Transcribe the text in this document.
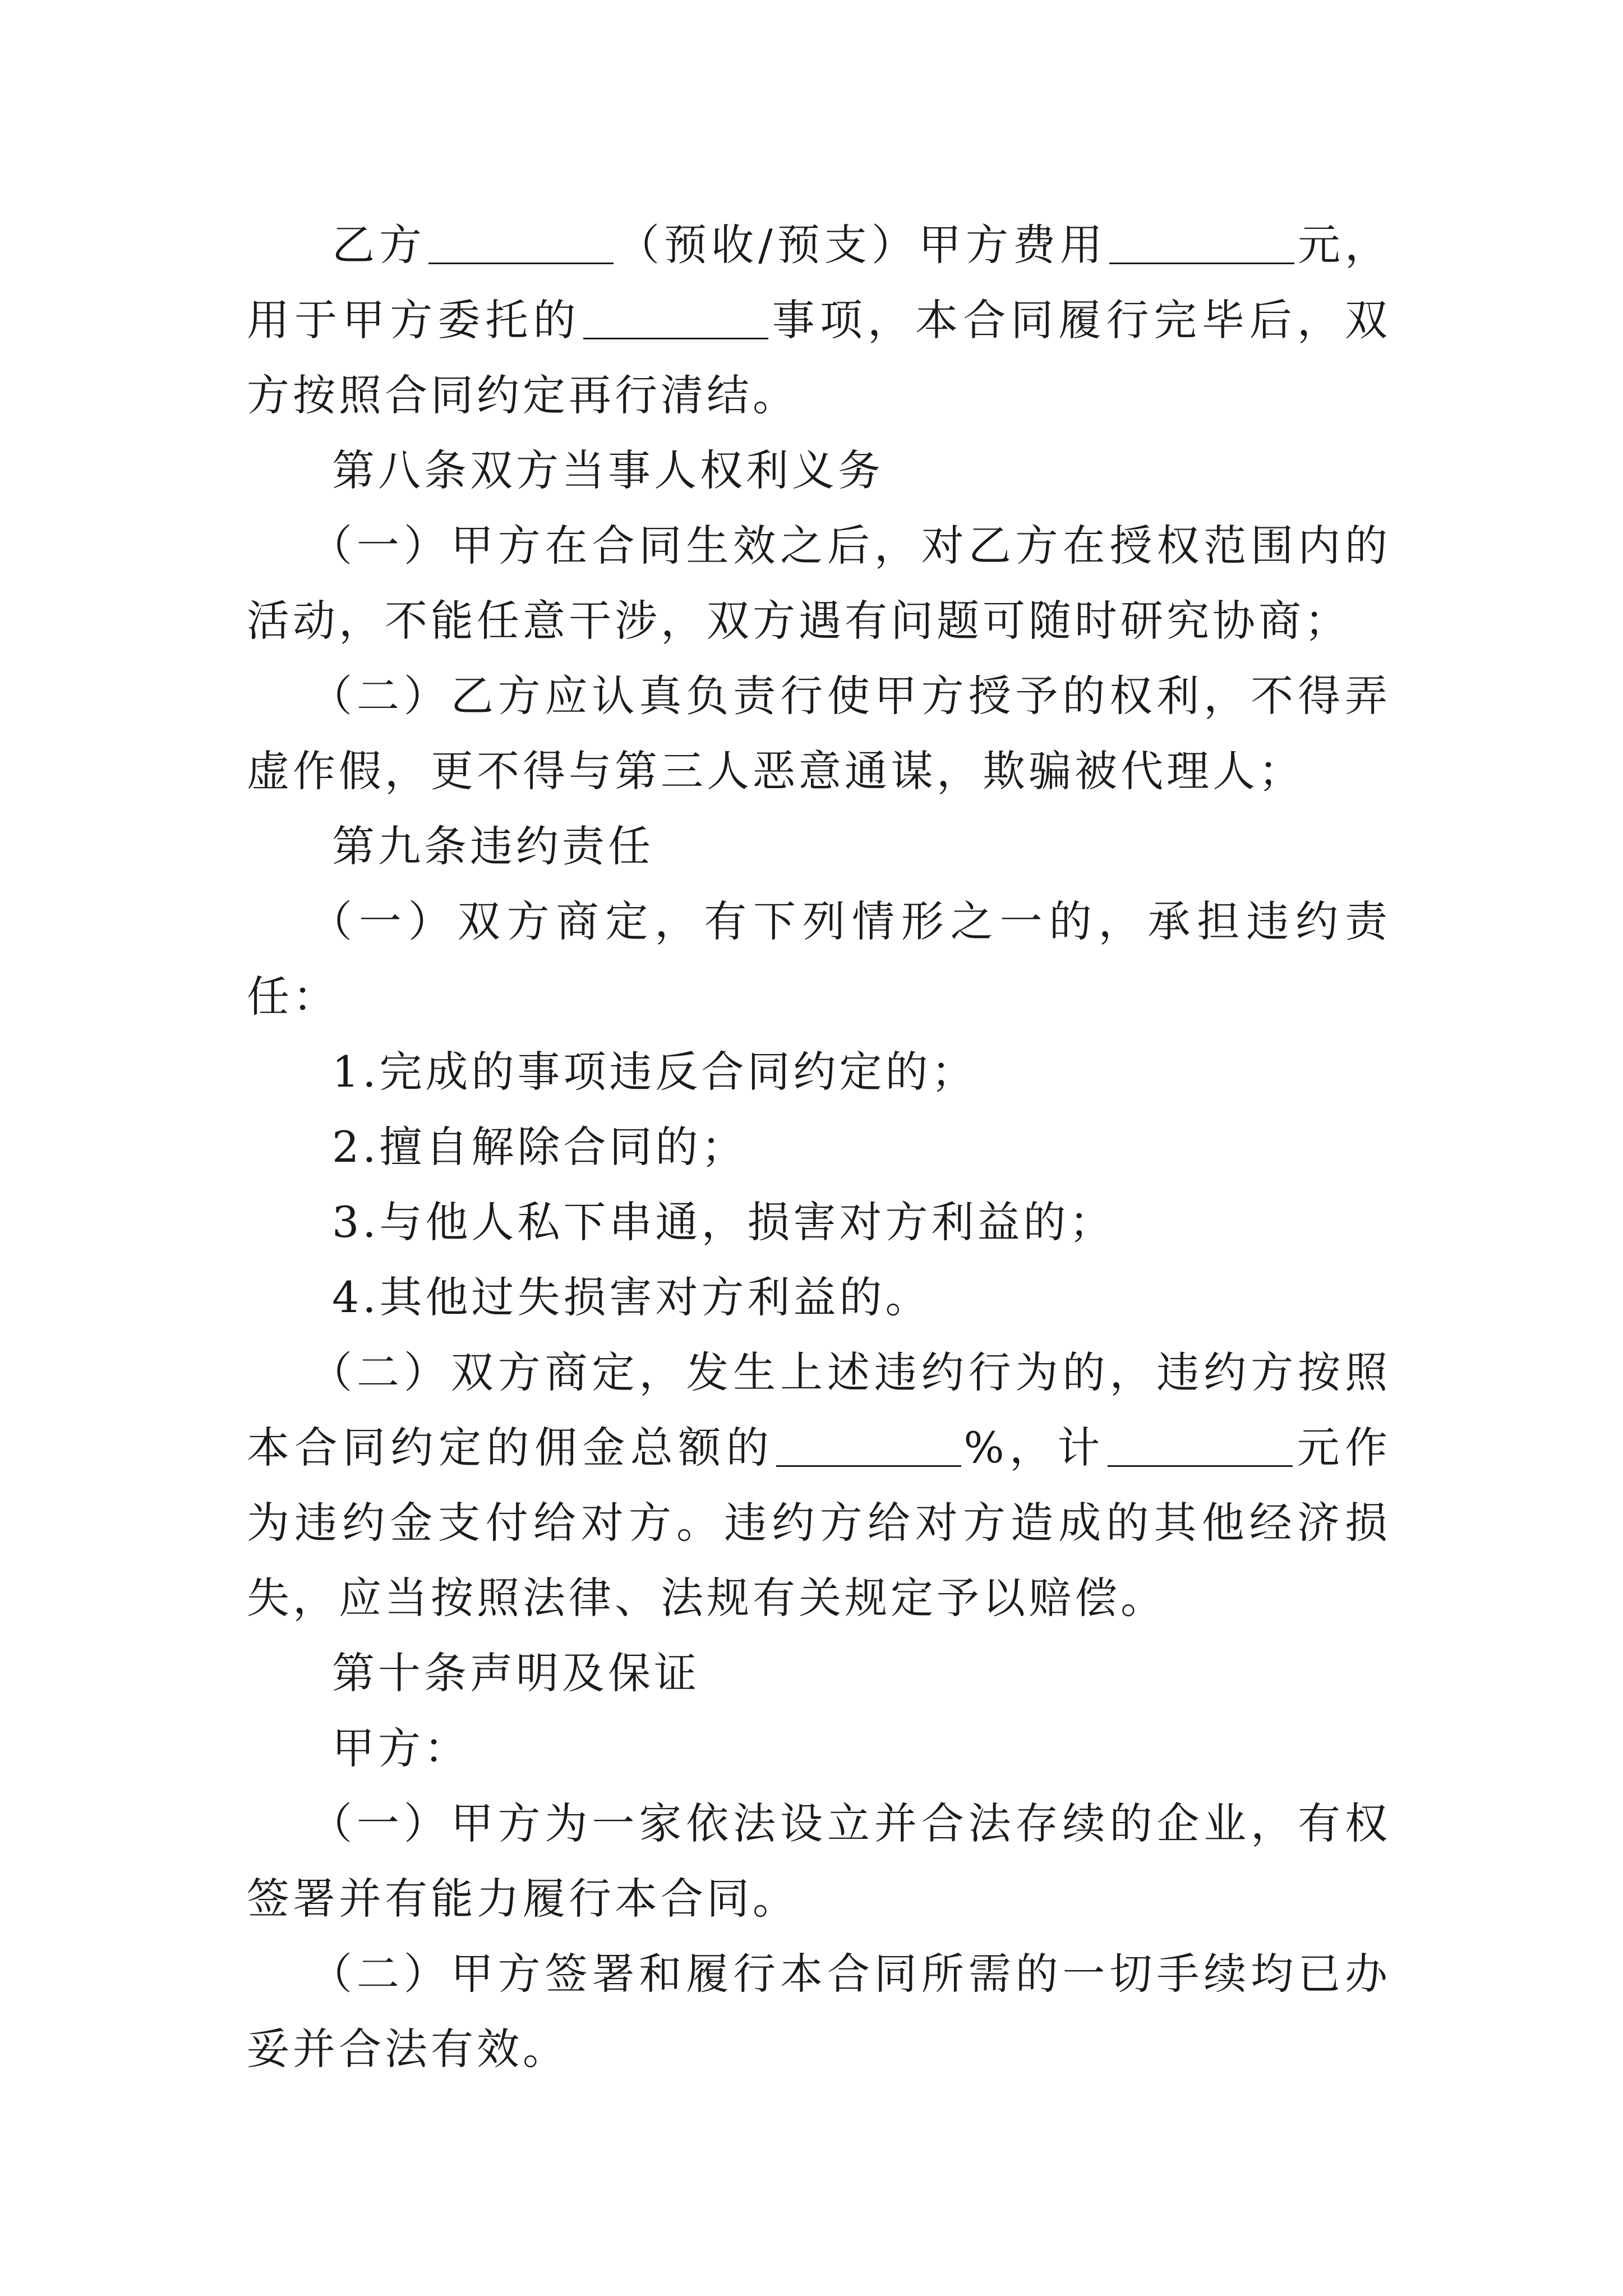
乙方	（预收/预支）甲方费用	元，用于甲方委托的	事项，本合同履行完毕后，双方按照合同约定再行清结。

第八条双方当事人权利义务

（一）甲方在合同生效之后，对乙方在授权范围内的活动，不能任意干涉，双方遇有问题可随时研究协商；

（二）乙方应认真负责行使甲方授予的权利，不得弄虚作假，更不得与第三人恶意通谋，欺骗被代理人；

第九条违约责任

（一）双方商定，有下列情形之一的，承担违约责任：

1.完成的事项违反合同约定的；

2.擅自解除合同的；

3.与他人私下串通，损害对方利益的；

4.其他过失损害对方利益的。

（二）双方商定，发生上述违约行为的，违约方按照本合同约定的佣金总额的	%，计	元作为违约金支付给对方。违约方给对方造成的其他经济损失，应当按照法律、法规有关规定予以赔偿。

第十条声明及保证

甲方：

（一）甲方为一家依法设立并合法存续的企业，有权签署并有能力履行本合同。

（二）甲方签署和履行本合同所需的一切手续均已办妥并合法有效。
